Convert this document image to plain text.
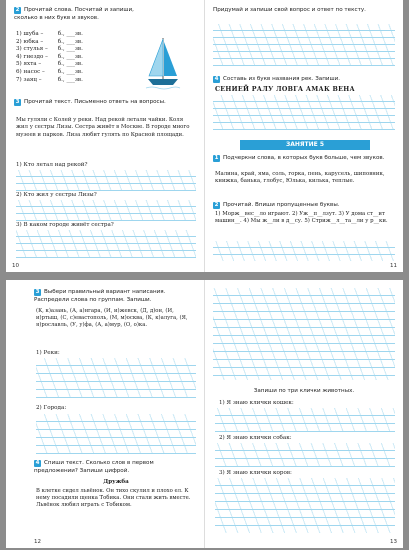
2 Прочитай слова. Посчитай и запиши, сколько в них букв и звуков.
1) шуба –	б., ___зв.
2) юбка –	б., ___зв.
3) стулья – б., ___зв.
4) гнездо – б., ___зв.
5) яхта –	б., ___зв.
6) насос – б., ___зв.
7) заяц –	б., ___зв.
3 Прочитай текст. Письменно ответь на вопросы.
Мы гуляли с Колей у реки. Над рекой летали чайки. Коля жил у сестры Лизы. Сестра живёт в Москве. В городе много музеев и парков. Лиза любит гулять по Красной площади.
1) Кто летал над рекой?
2) Кто жил у сестры Лизы?
3) В каком городе живёт сестра?
10
Придумай и запиши свой вопрос и ответ по тексту.
4 Составь из букв названия рек. Запиши.
СЕНИЕЙ РАЛУ ЛОВГА АМАК ВЕНА
ЗАНЯТИЕ 5
1 Подчеркни слова, в которых букв больше, чем звуков.
Малина, край, яма, соль, горка, пень, карусель, шиповник, книжка, банька, глобус, Юлька, килька, теплые.
2 Прочитай. Впиши пропущенные буквы.
1) Морж__вес__ло играют. 2) Уж__п__лзут. 3) У дома ст__ит машин__. 4) Мы ж__ли в д__су. 5) Стриж__л__та__ли у р__ки.
11
3 Выбери правильный вариант написания. Распредели слова по группам. Запиши.
(К, к)азань, (А, а)нгара, (И, и)жевск, (Д, д)он, (И, и)ртыш, (С, с)евастополь, (М, м)осква, (К, к)алуга, (Я, я)рославль, (У, у)фа, (А, а)мур, (О, о)ка.
1) Реки:
2) Города:
4 Спиши текст. Сколько слов в первом предложении? Запиши цифрой.
Дружба
В клетке сидел львёнок. Он тихо скулил и плохо ел. К нему посадили щенка Тобика. Они стали жить вместе. Львёнок любил играть с Тобиком.
12
Запиши по три клички животных.
1) Я знаю клички кошек:
2) Я знаю клички собак:
3) Я знаю клички коров:
13
